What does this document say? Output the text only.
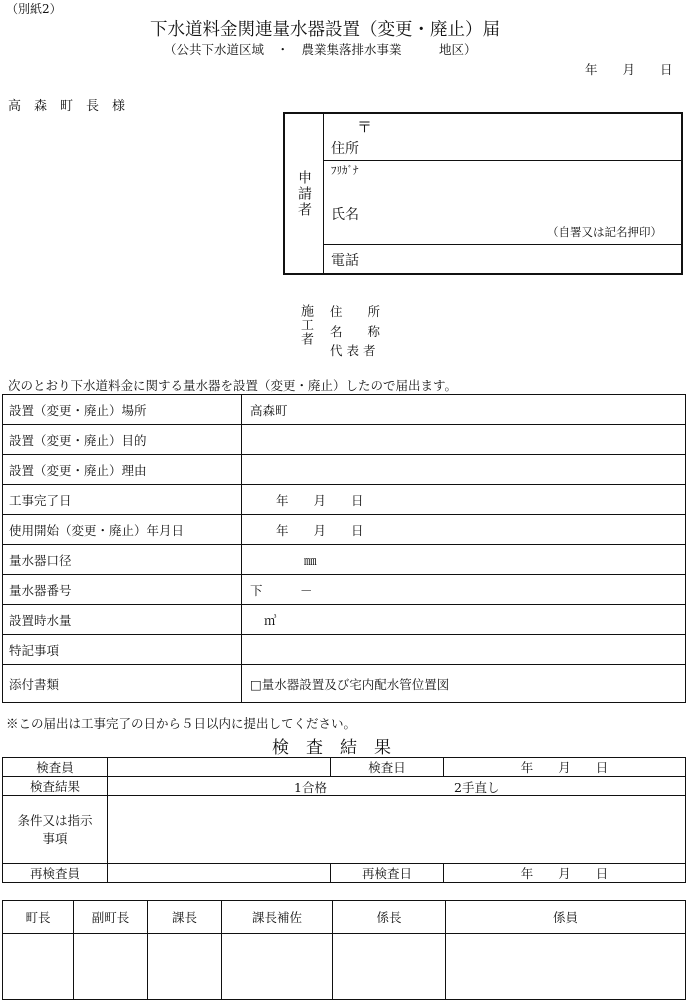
（別紙2）
下水道料金関連量水器設置（変更・廃止）届
（公共下水道区域　・　農業集落排水事業　　　地区）
年　　月　　日
高　森　町　長　様
申請者
〒
住所
ﾌﾘｶﾞﾅ
氏名
（自署又は記名押印）
電話
施工者 住　　所
名　　称
代 表 者
次のとおり下水道料金に関する量水器を設置（変更・廃止）したので届出ます。
設置（変更・廃止）場所	高森町
設置（変更・廃止）目的	
設置（変更・廃止）理由	
工事完了日	年　　月　　日
使用開始（変更・廃止）年月日	年　　月　　日
量水器口径	㎜
量水器番号	下　　　－
設置時水量	㎥
特記事項	
添付書類	□量水器設置及び宅内配水管位置図
※この届出は工事完了の日から５日以内に提出してください。
検　査　結　果
検査員		検査日	年　　月　　日
検査結果	1合格 2手直し		

条件又は指示
事項			

再検査員		再検査日	年　　月　　日
町長	副町長	課長	課長補佐	係長	係員
